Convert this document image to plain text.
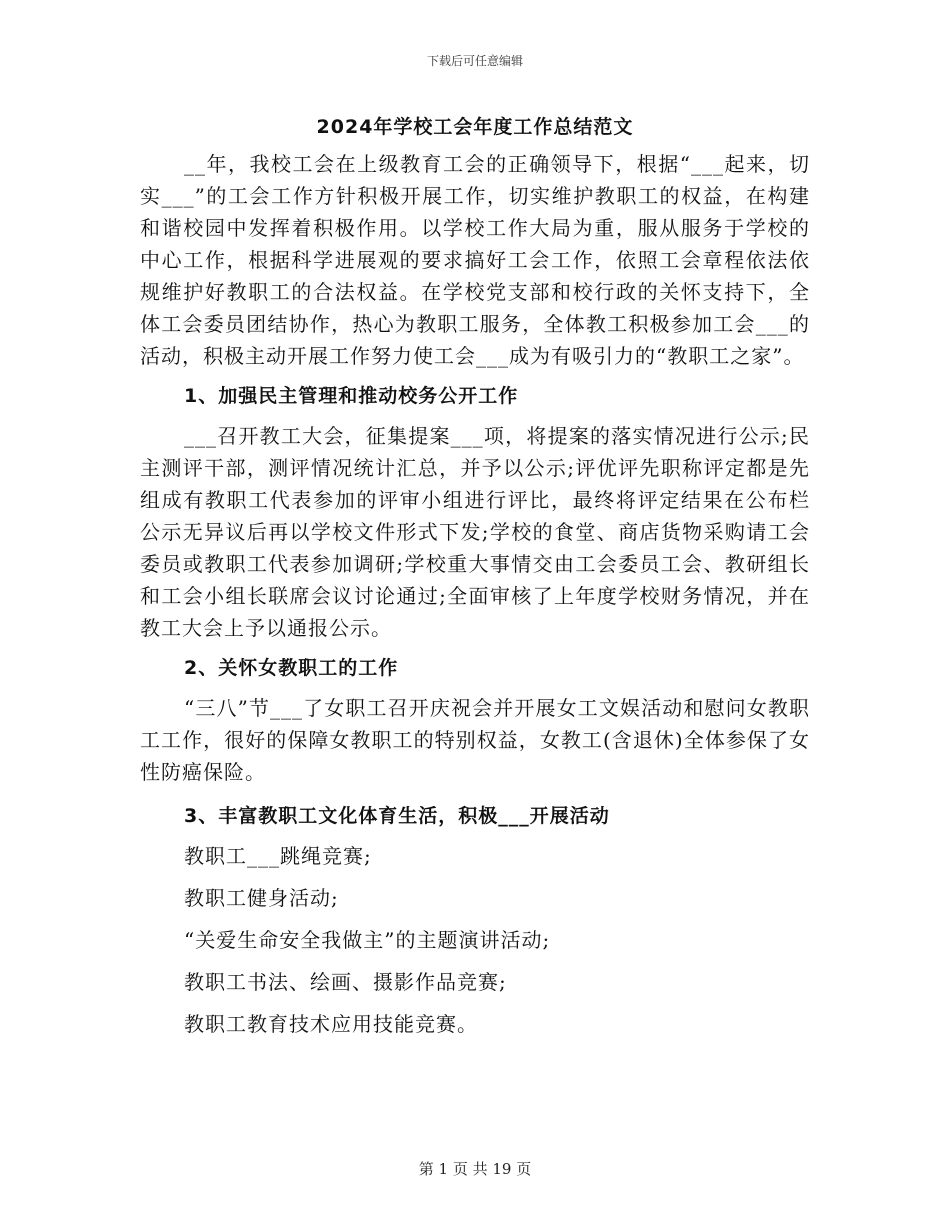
下载后可任意编辑
2024年学校工会年度工作总结范文

__年，我校工会在上级教育工会的正确领导下，根据“___起来，切实___”的工会工作方针积极开展工作，切实维护教职工的权益，在构建和谐校园中发挥着积极作用。以学校工作大局为重，服从服务于学校的中心工作，根据科学进展观的要求搞好工会工作，依照工会章程依法依规维护好教职工的合法权益。在学校党支部和校行政的关怀支持下，全体工会委员团结协作，热心为教职工服务，全体教工积极参加工会___的活动，积极主动开展工作努力使工会___成为有吸引力的“教职工之家”。

1、加强民主管理和推动校务公开工作

___召开教工大会，征集提案___项，将提案的落实情况进行公示;民主测评干部，测评情况统计汇总，并予以公示;评优评先职称评定都是先组成有教职工代表参加的评审小组进行评比，最终将评定结果在公布栏公示无异议后再以学校文件形式下发;学校的食堂、商店货物采购请工会委员或教职工代表参加调研;学校重大事情交由工会委员工会、教研组长和工会小组长联席会议讨论通过;全面审核了上年度学校财务情况，并在教工大会上予以通报公示。

2、关怀女教职工的工作

“三八”节___了女职工召开庆祝会并开展女工文娱活动和慰问女教职工工作，很好的保障女教职工的特别权益，女教工(含退休)全体参保了女性防癌保险。

3、丰富教职工文化体育生活，积极___开展活动

教职工___跳绳竞赛;

教职工健身活动;

“关爱生命安全我做主”的主题演讲活动;

教职工书法、绘画、摄影作品竞赛;

教职工教育技术应用技能竞赛。

第 1 页 共 19 页
